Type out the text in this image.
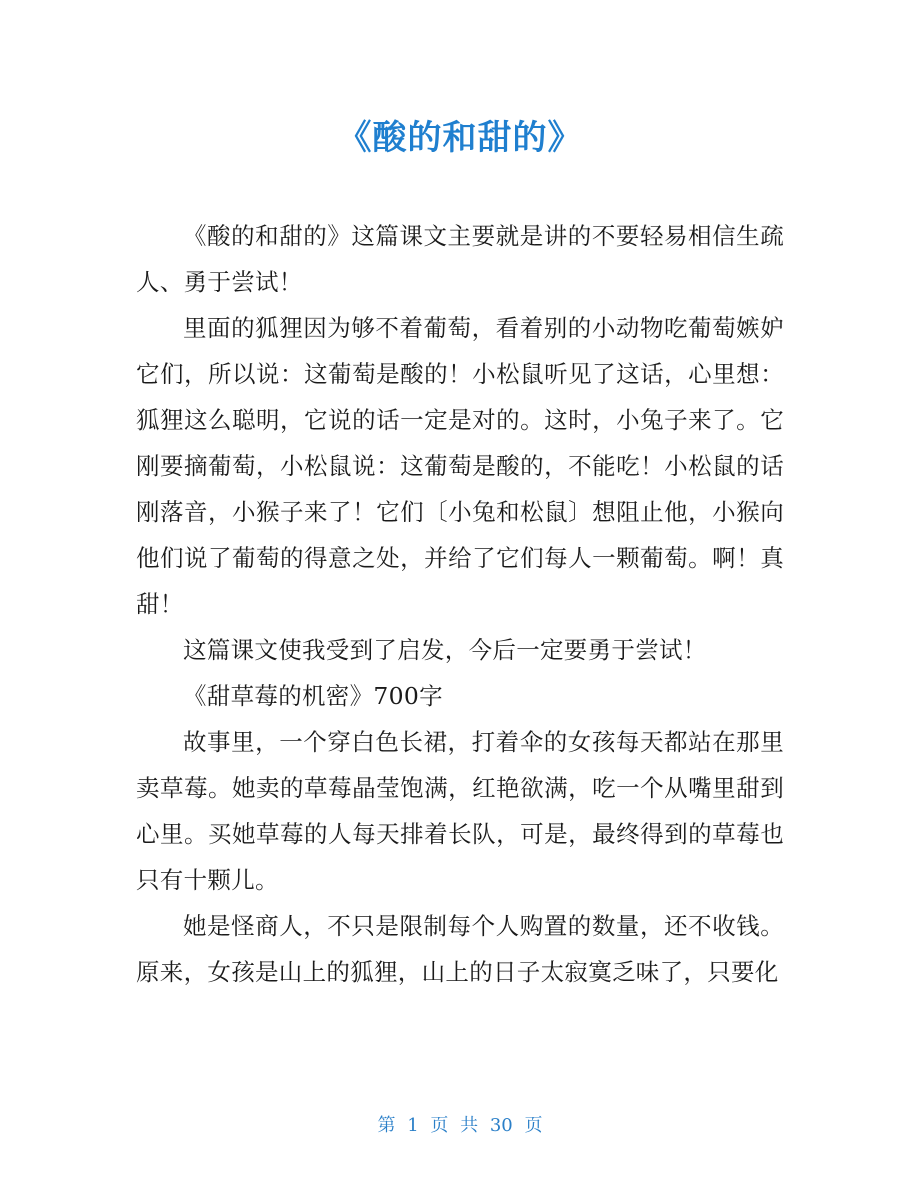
《酸的和甜的》

《酸的和甜的》这篇课文主要就是讲的不要轻易相信生疏人、勇于尝试！

里面的狐狸因为够不着葡萄，看着别的小动物吃葡萄嫉妒它们，所以说：这葡萄是酸的！小松鼠听见了这话，心里想：狐狸这么聪明，它说的话一定是对的。这时，小兔子来了。它刚要摘葡萄，小松鼠说：这葡萄是酸的，不能吃！小松鼠的话刚落音，小猴子来了！它们〔小兔和松鼠〕想阻止他，小猴向他们说了葡萄的得意之处，并给了它们每人一颗葡萄。啊！真甜！

这篇课文使我受到了启发，今后一定要勇于尝试！

《甜草莓的机密》700字

故事里，一个穿白色长裙，打着伞的女孩每天都站在那里卖草莓。她卖的草莓晶莹饱满，红艳欲满，吃一个从嘴里甜到心里。买她草莓的人每天排着长队，可是，最终得到的草莓也只有十颗儿。

她是怪商人，不只是限制每个人购置的数量，还不收钱。原来，女孩是山上的狐狸，山上的日子太寂寞乏味了，只要化

第 1 页 共 30 页
